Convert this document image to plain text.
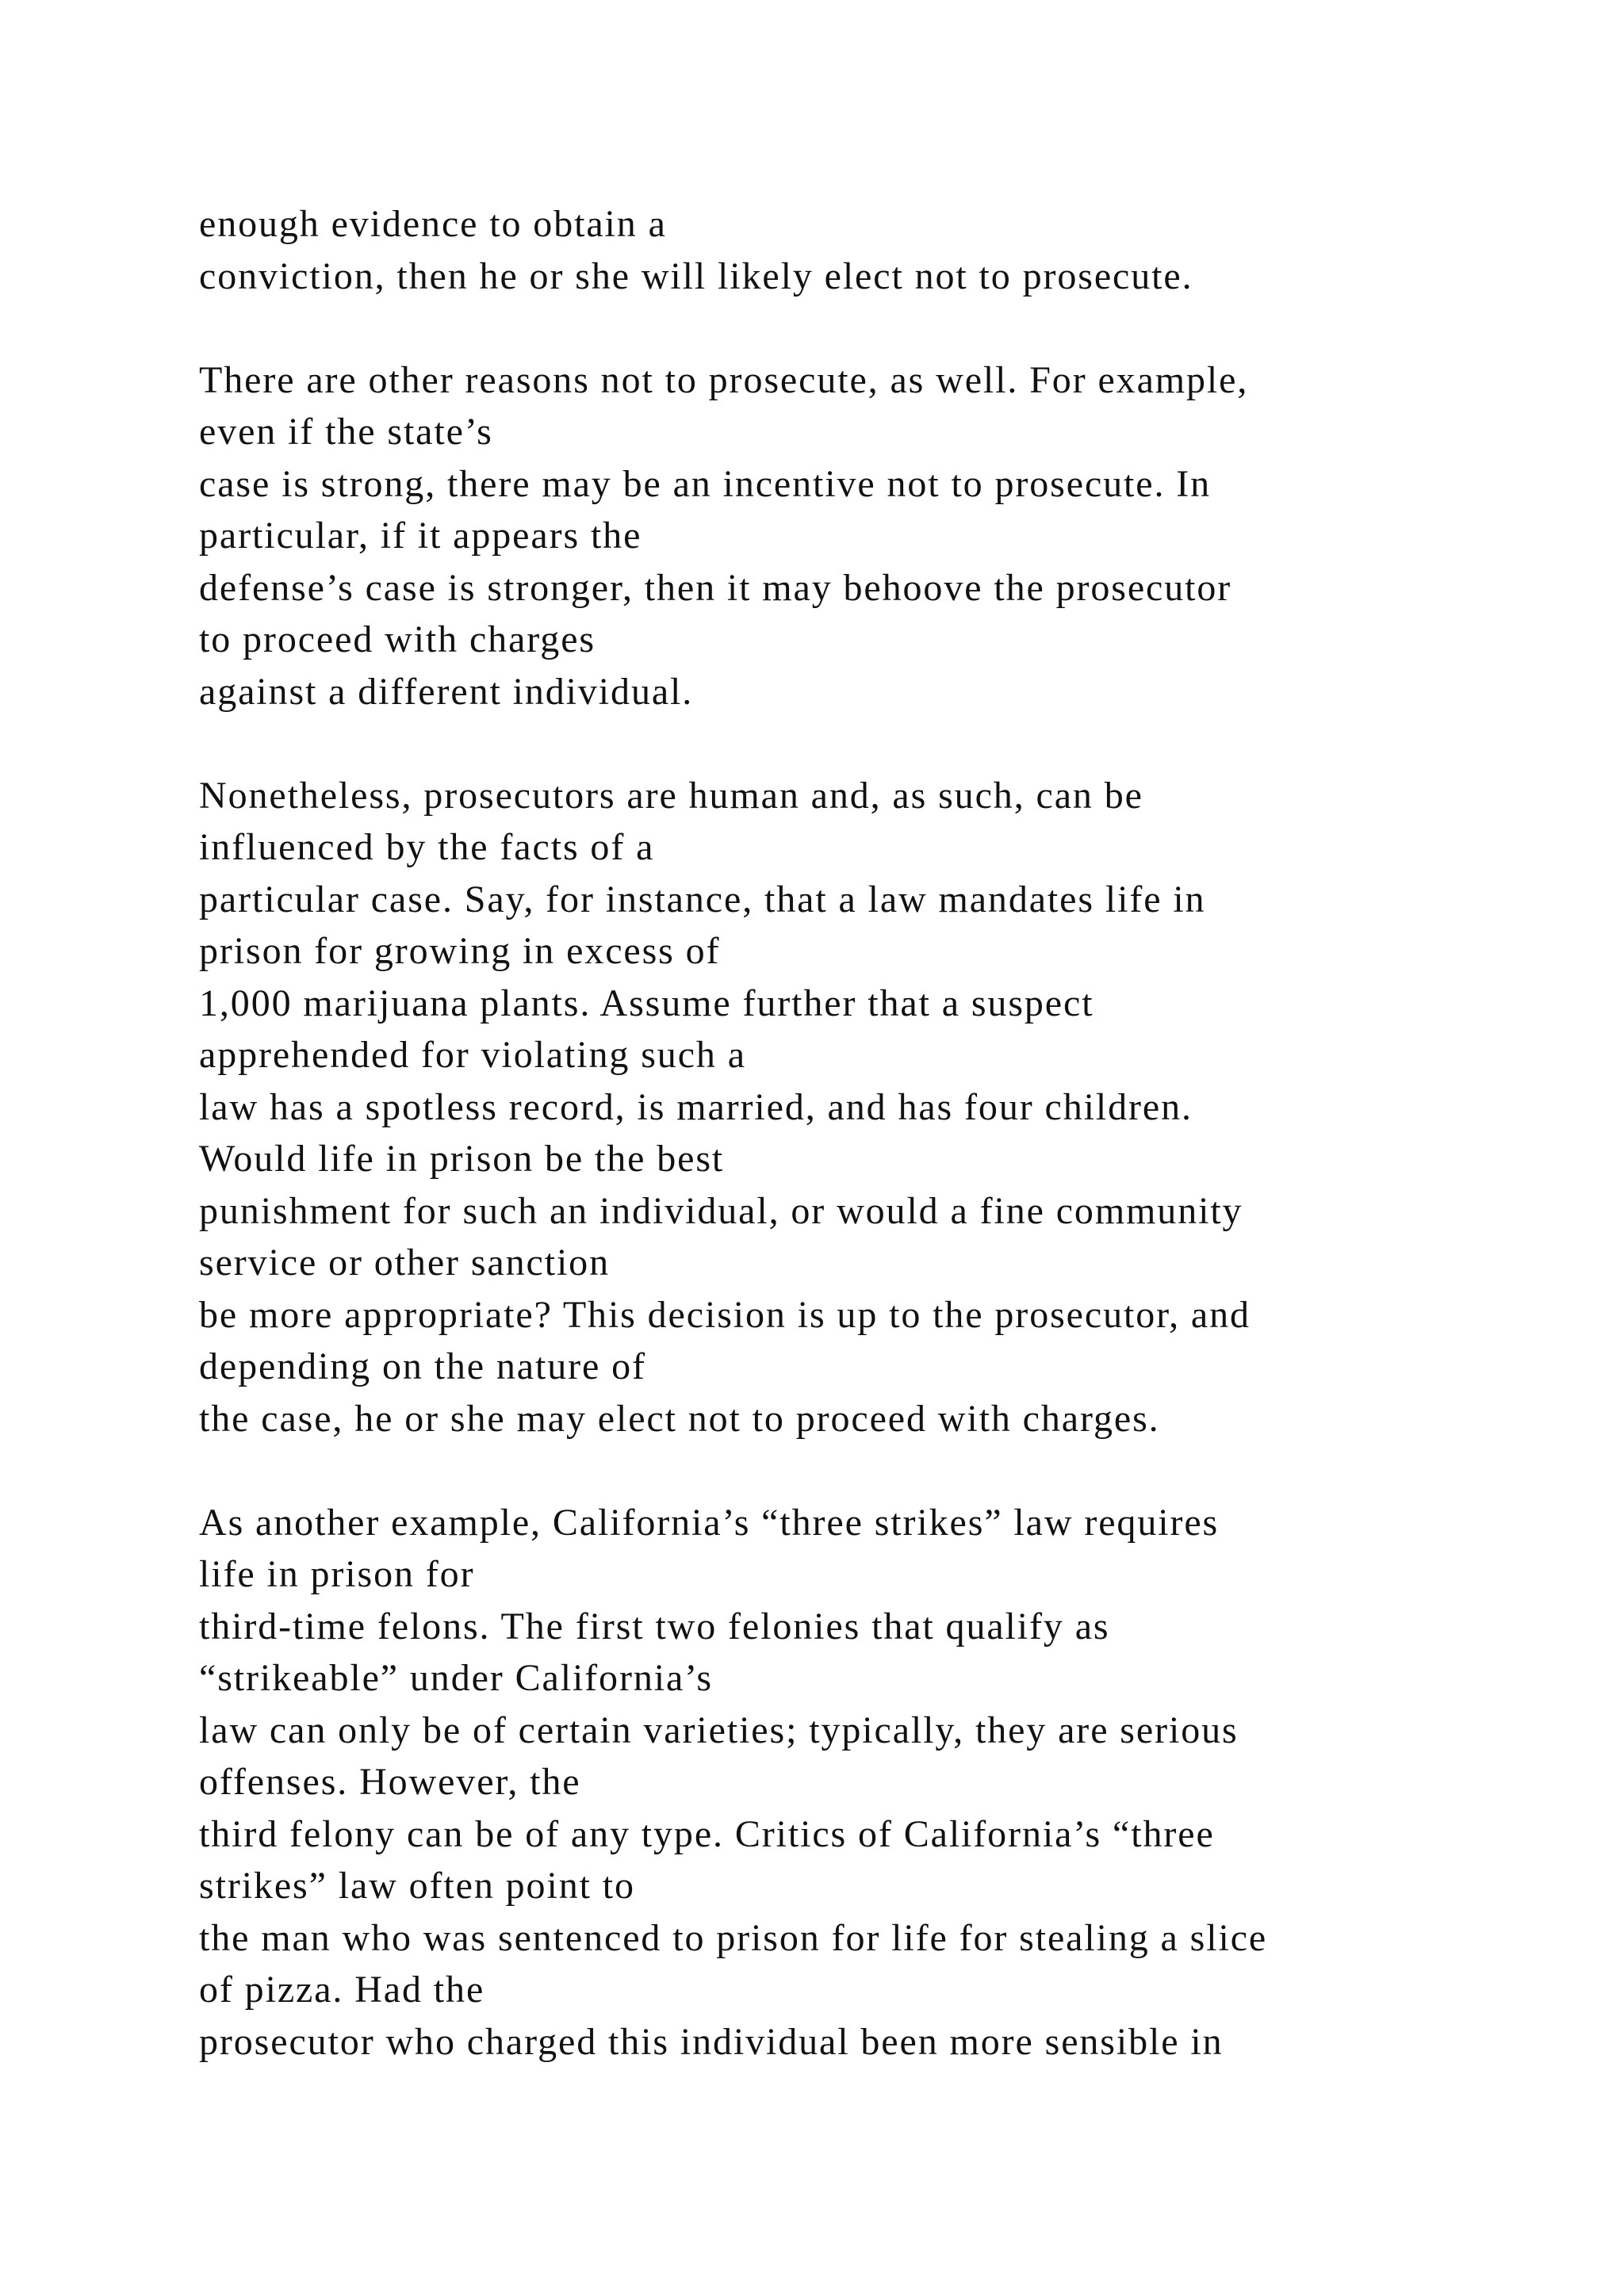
enough evidence to obtain a
conviction, then he or she will likely elect not to prosecute.

There are other reasons not to prosecute, as well. For example,
even if the state’s
case is strong, there may be an incentive not to prosecute. In
particular, if it appears the
defense’s case is stronger, then it may behoove the prosecutor
to proceed with charges
against a different individual.

Nonetheless, prosecutors are human and, as such, can be
influenced by the facts of a
particular case. Say, for instance, that a law mandates life in
prison for growing in excess of
1,000 marijuana plants. Assume further that a suspect
apprehended for violating such a
law has a spotless record, is married, and has four children.
Would life in prison be the best
punishment for such an individual, or would a fine community
service or other sanction
be more appropriate? This decision is up to the prosecutor, and
depending on the nature of
the case, he or she may elect not to proceed with charges.

As another example, California’s “three strikes” law requires
life in prison for
third-time felons. The first two felonies that qualify as
“strikeable” under California’s
law can only be of certain varieties; typically, they are serious
offenses. However, the
third felony can be of any type. Critics of California’s “three
strikes” law often point to
the man who was sentenced to prison for life for stealing a slice
of pizza. Had the
prosecutor who charged this individual been more sensible in
